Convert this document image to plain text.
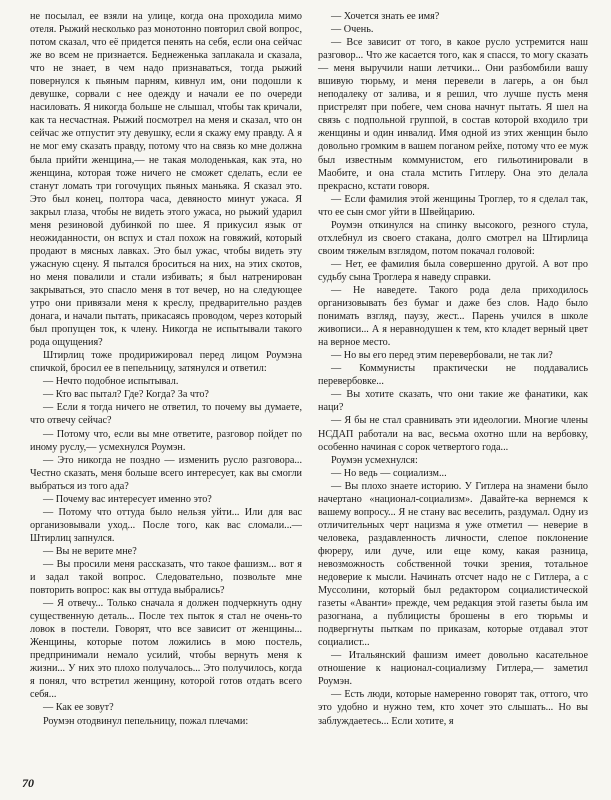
не посылал, ее взяли на улице, когда она проходила мимо отеля. Рыжий несколько раз монотонно повторил свой вопрос, потом сказал, что её придется пенять на себя, если она сейчас же во всем не признается. Беднеженька заплакала и сказала, что не знает, в чем надо признаваться, тогда рыжий повернулся к пьяным парням, кивнул им, они подошли к девушке, сорвали с нее одежду и начали ее по очереди насиловать. Я никогда больше не слышал, чтобы так кричали, как та несчастная. Рыжий посмотрел на меня и сказал, что он сейчас же отпустит эту девушку, если я скажу ему правду. А я не мог ему сказать правду, потому что на связь ко мне должна была прийти женщина,— не такая молоденькая, как эта, но женщина, которая тоже ничего не сможет сделать, если ее станут ломать три гогочущих пьяных маньяка. Я сказал это. Это был конец, полтора часа, девяносто минут ужаса. Я закрыл глаза, чтобы не видеть этого ужаса, но рыжий ударил меня резиновой дубинкой по шее. Я прикусил язык от неожиданности, он вспух и стал похож на говяжий, который продают в мясных лавках. Это был ужас, чтобы видеть эту ужасную сцену. Я пытался броситься на них, на этих скотов, но меня повалили и стали избивать; я был натренирован закрываться, это спасло меня в тот вечер, но на следующее утро они привязали меня к креслу, предварительно раздев донага, и начали пытать, прикасаясь проводом, через который был пропущен ток, к члену. Никогда не испытывали такого рода ощущения?

Штирлиц тоже продирижировал перед лицом Роумэна спичкой, бросил ее в пепельницу, затянулся и ответил:

— Нечто подобное испытывал.

— Кто вас пытал? Где? Когда? За что?

— Если я тогда ничего не ответил, то почему вы думаете, что отвечу сейчас?

— Потому что, если вы мне ответите, разговор пойдет по иному руслу,— усмехнулся Роумэн.

— Это никогда не поздно — изменить русло разговора... Честно сказать, меня больше всего интересует, как вы смогли выбраться из того ада?

— Почему вас интересует именно это?

— Потому что оттуда было нельзя уйти... Или для вас организовывали уход... После того, как вас сломали...— Штирлиц запнулся.

— Вы не верите мне?

— Вы просили меня рассказать, что такое фашизм... вот я и задал такой вопрос. Следовательно, позвольте мне повторить вопрос: как вы оттуда выбрались?

— Я отвечу... Только сначала я должен подчеркнуть одну существенную деталь... После тех пыток я стал не очень-то ловок в постели. Говорят, что все зависит от женщины... Женщины, которые потом ложились в мою постель, предпринимали немало усилий, чтобы вернуть меня к жизни... У них это плохо получалось... Это получилось, когда я понял, что встретил женщину, которой готов отдать всего себя...

— Как ее зовут?

Роумэн отодвинул пепельницу, пожал плечами:

— Хочется знать ее имя?

— Очень.

— Все зависит от того, в какое русло устремится наш разговор... Что же касается того, как я спасся, то могу сказать — меня выручили наши летчики... Они разбомбили вашу вшивую тюрьму, и меня перевели в лагерь, а он был неподалеку от залива, и я решил, что лучше пусть меня пристрелят при побеге, чем снова начнут пытать. Я шел на связь с подпольной группой, в состав которой входило три женщины и один инвалид. Имя одной из этих женщин было довольно громким в вашем поганом рейхе, потому что ее муж был известным коммунистом, его гильотинировали в Маобите, и она стала мстить Гитлеру. Она это делала прекрасно, кстати говоря.

— Если фамилия этой женщины Троглер, то я сделал так, что ее сын смог уйти в Швейцарию.

Роумэн откинулся на спинку высокого, резного стула, отхлебнул из своего стакана, долго смотрел на Штирлица своим тяжелым взглядом, потом покачал головой:

— Нет, ее фамилия была совершенно другой. А вот про судьбу сына Троглера я наведу справки.

— Не наведете. Такого рода дела приходилось организовывать без бумаг и даже без слов. Надо было понимать взгляд, паузу, жест... Парень учился в школе живописи... А я неравнодушен к тем, кто кладет верный цвет на верное место.

— Но вы его перед этим перевербовали, не так ли?

— Коммунисты практически не поддавались перевербовке...

— Вы хотите сказать, что они такие же фанатики, как наци?

— Я бы не стал сравнивать эти идеологии. Многие члены НСДАП работали на вас, весьма охотно шли на вербовку, особенно начиная с сорок четвертого года...

Роумэн усмехнулся:

— Но ведь — социализм...

— Вы плохо знаете историю. У Гитлера на знамени было начертано «национал-социализм». Давайте-ка вернемся к вашему вопросу... Я не стану вас веселить, раздумал. Одну из отличительных черт нацизма я уже отметил — неверие в человека, раздавленность личности, слепое поклонение фюреру, или дуче, или еще кому, какая разница, невозможность собственной точки зрения, тотальное недоверие к мысли. Начинать отсчет надо не с Гитлера, а с Муссолини, который был редактором социалистической газеты «Аванти» прежде, чем редакция этой газеты была им разогнана, а публицисты брошены в его тюрьмы и подвергнуты пыткам по приказам, которые отдавал этот социалист...

— Итальянский фашизм имеет довольно касательное отношение к национал-социализму Гитлера,— заметил Роумэн.

— Есть люди, которые намеренно говорят так, оттого, что это удобно и нужно тем, кто хочет это слышать... Но вы заблуждаетесь... Если хотите, я

70
